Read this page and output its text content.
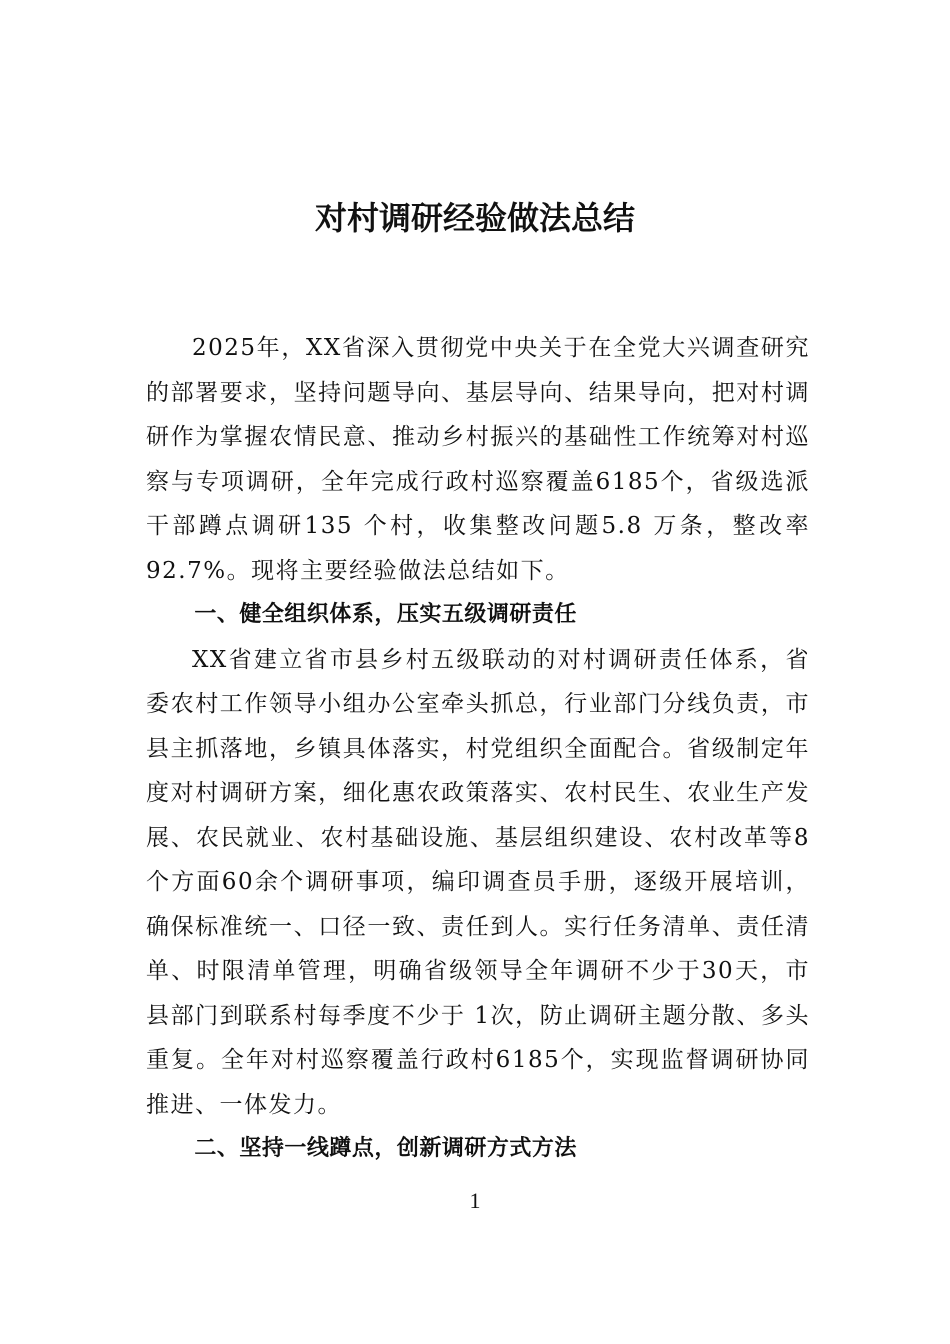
对村调研经验做法总结

2025年，XX省深入贯彻党中央关于在全党大兴调查研究的部署要求，坚持问题导向、基层导向、结果导向，把对村调研作为掌握农情民意、推动乡村振兴的基础性工作统筹对村巡察与专项调研，全年完成行政村巡察覆盖6185个，省级选派干部蹲点调研135 个村，收集整改问题5.8 万条，整改率92.7%。现将主要经验做法总结如下。

一、健全组织体系，压实五级调研责任

XX省建立省市县乡村五级联动的对村调研责任体系，省委农村工作领导小组办公室牵头抓总，行业部门分线负责，市县主抓落地，乡镇具体落实，村党组织全面配合。省级制定年度对村调研方案，细化惠农政策落实、农村民生、农业生产发展、农民就业、农村基础设施、基层组织建设、农村改革等8 个方面60余个调研事项，编印调查员手册，逐级开展培训，确保标准统一、口径一致、责任到人。实行任务清单、责任清单、时限清单管理，明确省级领导全年调研不少于30天，市县部门到联系村每季度不少于 1次，防止调研主题分散、多头重复。全年对村巡察覆盖行政村6185个，实现监督调研协同推进、一体发力。

二、坚持一线蹲点，创新调研方式方法
1
